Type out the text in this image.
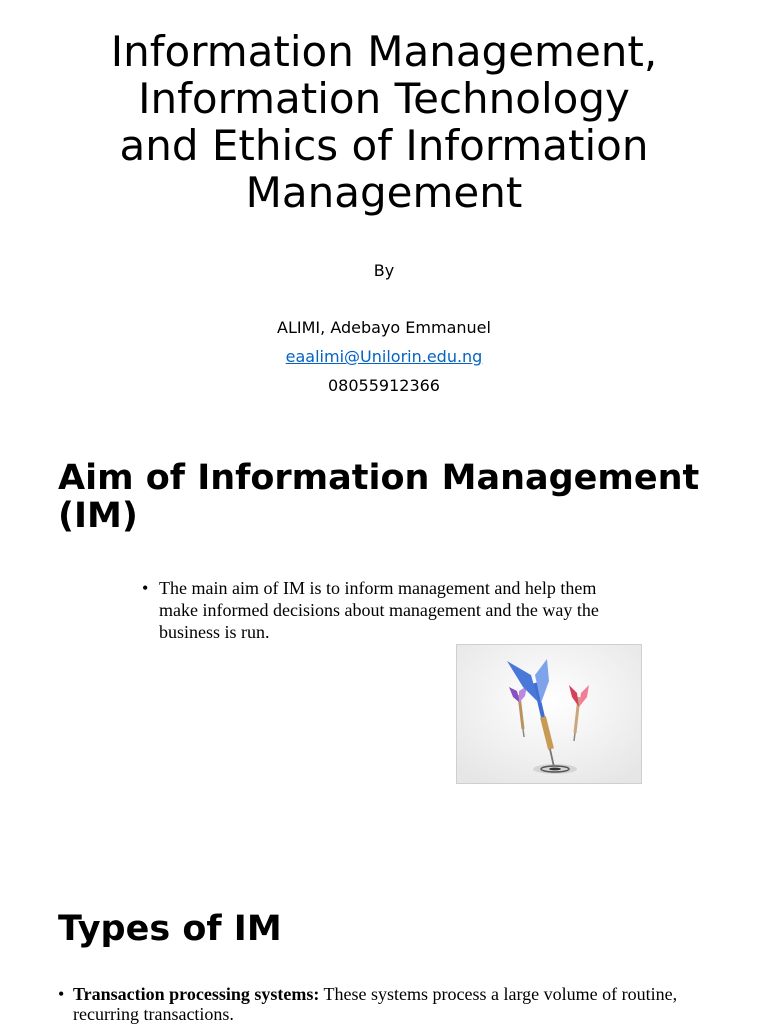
Information Management,
Information Technology
and Ethics of Information
Management
By
ALIMI, Adebayo Emmanuel
eaalimi@Unilorin.edu.ng
08055912366
Aim of Information Management (IM)
• The main aim of IM is to inform management and help them make informed decisions about management and the way the business is run.
Types of IM
• Transaction processing systems: These systems process a large volume of routine, recurring transactions.
